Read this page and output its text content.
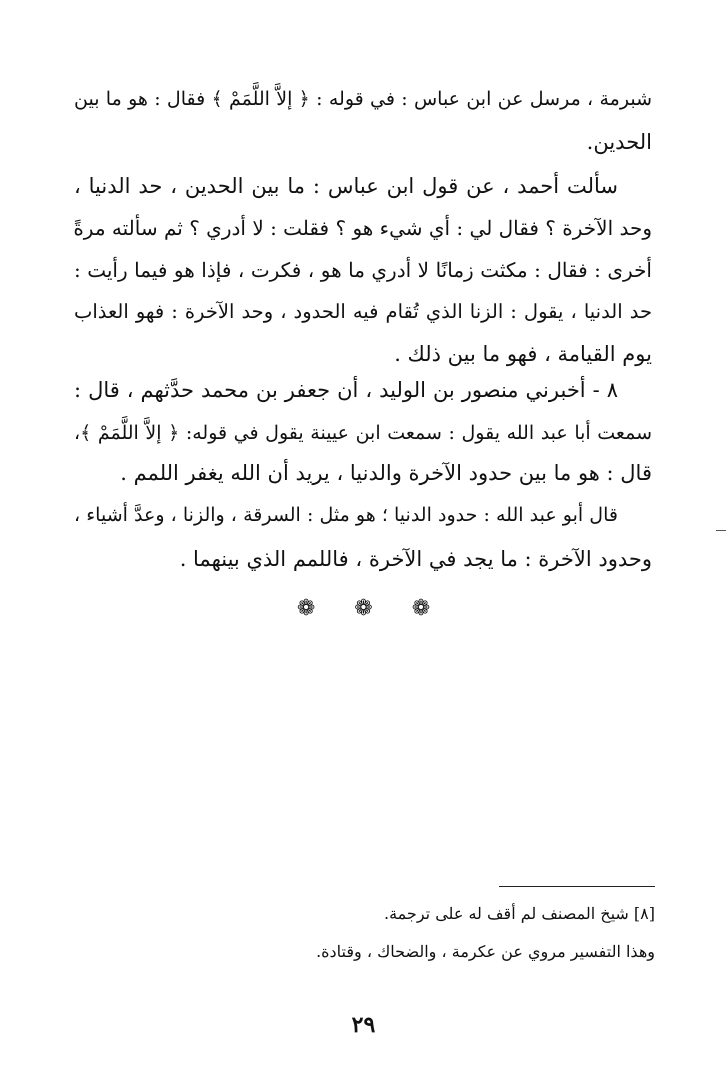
شبرمة ، مرسل عن ابن عباس : في قوله : ﴿ إلاَّ اللَّمَمْ ﴾ فقال : هو ما بين
الحدين.
سألت أحمد ، عن قول ابن عباس : ما بين الحدين ، حد الدنيا ،
وحد الآخرة ؟ فقال لي : أي شيء هو ؟ فقلت : لا أدري ؟ ثم سألته مرةً
أخرى : فقال : مكثت زمانًا لا أدري ما هو ، فكرت ، فإذا هو فيما رأيت :
حد الدنيا ، يقول : الزنا الذي تُقام فيه الحدود ، وحد الآخرة : فهو العذاب
يوم القيامة ، فهو ما بين ذلك .
٨ - أخبرني منصور بن الوليد ، أن جعفر بن محمد حدَّثهم ، قال :
سمعت أبا عبد الله يقول : سمعت ابن عيينة يقول في قوله: ﴿ إلاَّ اللَّمَمْ ﴾،
قال : هو ما بين حدود الآخرة والدنيا ، يريد أن الله يغفر اللمم .
قال أبو عبد الله : حدود الدنيا ؛ هو مثل : السرقة ، والزنا ، وعدَّ أشياء ،
وحدود الآخرة : ما يجد في الآخرة ، فاللمم الذي بينهما .
❁ ❁ ❁
[٨] شيخ المصنف لم أقف له على ترجمة.
وهذا التفسير مروي عن عكرمة ، والضحاك ، وقتادة.
٢٩
